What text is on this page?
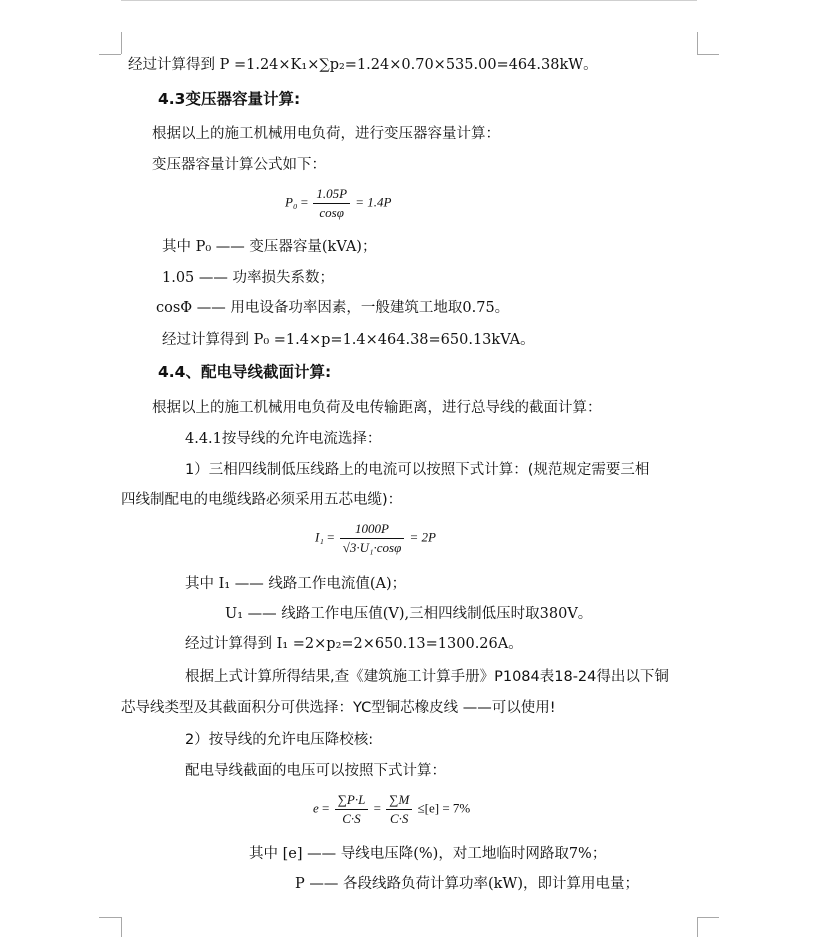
经过计算得到 P =1.24×K₁×∑p₂=1.24×0.70×535.00=464.38kW。
4.3变压器容量计算:
根据以上的施工机械用电负荷，进行变压器容量计算：
变压器容量计算公式如下：
$P_0 = \frac{1.05P}{\cos\varphi} = 1.4P$
其中 P₀ —— 变压器容量(kVA)；
1.05 —— 功率损失系数；
cosΦ —— 用电设备功率因素，一般建筑工地取0.75。
经过计算得到 P₀ =1.4×p=1.4×464.38=650.13kVA。
4.4、配电导线截面计算:
根据以上的施工机械用电负荷及电传输距离，进行总导线的截面计算：
4.4.1按导线的允许电流选择：
1）三相四线制低压线路上的电流可以按照下式计算：(规范规定需要三相
四线制配电的电缆线路必须采用五芯电缆)：
$I_1 = \frac{1000P}{\text{√3·U₁·cosφ}} = 2P$
其中 I₁ —— 线路工作电流值(A)；
U₁ —— 线路工作电压值(V),三相四线制低压时取380V。
经过计算得到 I₁ =2×p₂=2×650.13=1300.26A。
根据上式计算所得结果,查《建筑施工计算手册》P1084表18-24得出以下铜
芯导线类型及其截面积分可供选择：YC型铜芯橡皮线 ——可以使用!
2）按导线的允许电压降校核:
配电导线截面的电压可以按照下式计算：
$e = \frac{\sum P\cdot L}{C\cdot S} = \frac{\sum M}{C\cdot S} \le[e] = 7\%$
其中 [e] —— 导线电压降(%)，对工地临时网路取7%；
P —— 各段线路负荷计算功率(kW)，即计算用电量；
